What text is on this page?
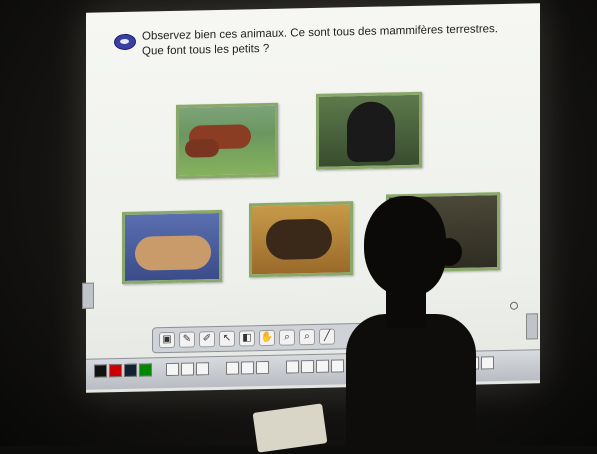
Observez bien ces animaux. Ce sont tous des mammifères terrestres.
Que font tous les petits ?
▣	✎	✐	↖	◧ ✋	⌕	⌕	╱
